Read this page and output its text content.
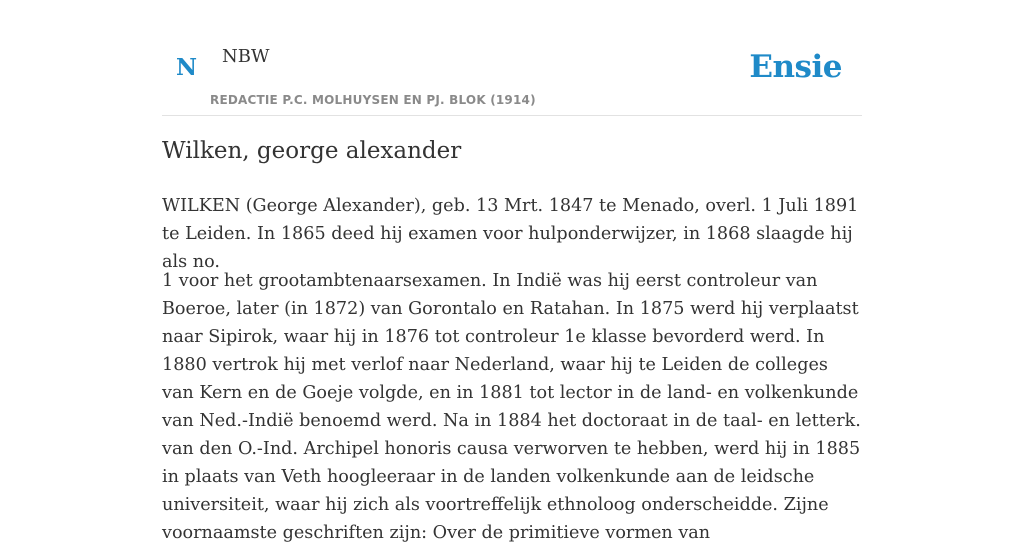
N NBW	Ensie
REDACTIE P.C. MOLHUYSEN EN PJ. BLOK (1914)
Wilken, george alexander

WILKEN (George Alexander), geb. 13 Mrt. 1847 te Menado, overl. 1 Juli 1891 te Leiden. In 1865 deed hij examen voor hulponderwijzer, in 1868 slaagde hij als no.

1 voor het grootambtenaarsexamen. In Indië was hij eerst controleur van Boeroe, later (in 1872) van Gorontalo en Ratahan. In 1875 werd hij verplaatst naar Sipirok, waar hij in 1876 tot controleur 1e klasse bevorderd werd. In 1880 vertrok hij met verlof naar Nederland, waar hij te Leiden de colleges van Kern en de Goeje volgde, en in 1881 tot lector in de land- en volkenkunde van Ned.-Indië benoemd werd. Na in 1884 het doctoraat in de taal- en letterk. van den O.-Ind. Archipel honoris causa verworven te hebben, werd hij in 1885 in plaats van Veth hoogleeraar in de landen volkenkunde aan de leidsche universiteit, waar hij zich als voortreffelijk ethnoloog onderscheidde. Zijne voornaamste geschriften zijn: Over de primitieve vormen van
